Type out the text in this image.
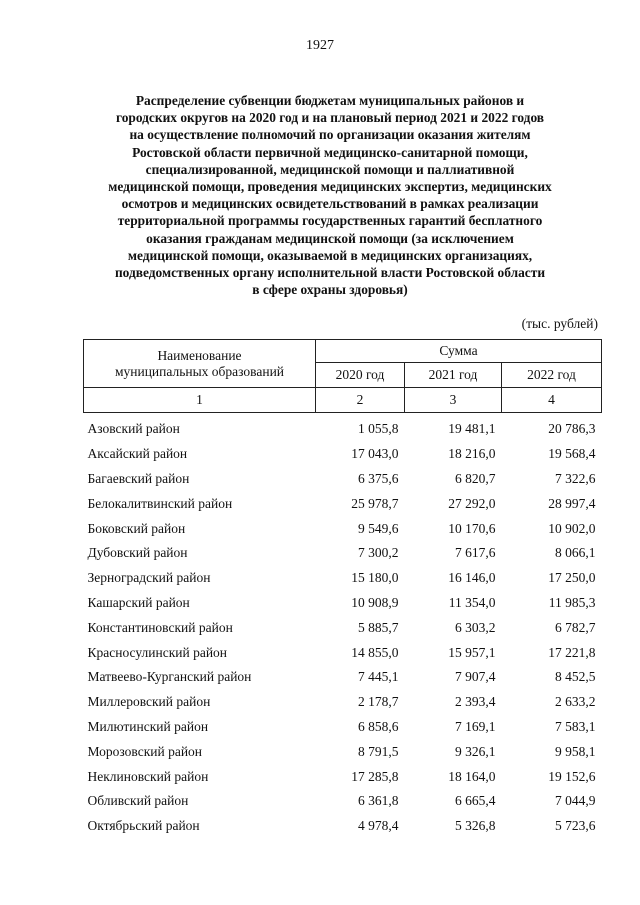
1927
Распределение субвенции бюджетам муниципальных районов и
городских округов на 2020 год и на плановый период 2021 и 2022 годов
на осуществление полномочий по организации оказания жителям
Ростовской области первичной медицинско-санитарной помощи,
специализированной, медицинской помощи и паллиативной
медицинской помощи, проведения медицинских экспертиз, медицинских
осмотров и медицинских освидетельствований в рамках реализации
территориальной программы государственных гарантий бесплатного
оказания гражданам медицинской помощи (за исключением
медицинской помощи, оказываемой в медицинских организациях,
подведомственных органу исполнительной власти Ростовской области
в сфере охраны здоровья)
(тыс. рублей)
Наименование
муниципальных образований	Сумма		
	2020 год	2021 год	2022 год
1	2	3	4
Азовский район	1 055,8	19 481,1	20 786,3
Аксайский район	17 043,0	18 216,0	19 568,4
Багаевский район	6 375,6	6 820,7	7 322,6
Белокалитвинский район	25 978,7	27 292,0	28 997,4
Боковский район	9 549,6	10 170,6	10 902,0
Дубовский район	7 300,2	7 617,6	8 066,1
Зерноградский район	15 180,0	16 146,0	17 250,0
Кашарский район	10 908,9	11 354,0	11 985,3
Константиновский район	5 885,7	6 303,2	6 782,7
Красносулинский район	14 855,0	15 957,1	17 221,8
Матвеево-Курганский район	7 445,1	7 907,4	8 452,5
Миллеровский район	2 178,7	2 393,4	2 633,2
Милютинский район	6 858,6	7 169,1	7 583,1
Морозовский район	8 791,5	9 326,1	9 958,1
Неклиновский район	17 285,8	18 164,0	19 152,6
Обливский район	6 361,8	6 665,4	7 044,9
Октябрьский район	4 978,4	5 326,8	5 723,6
